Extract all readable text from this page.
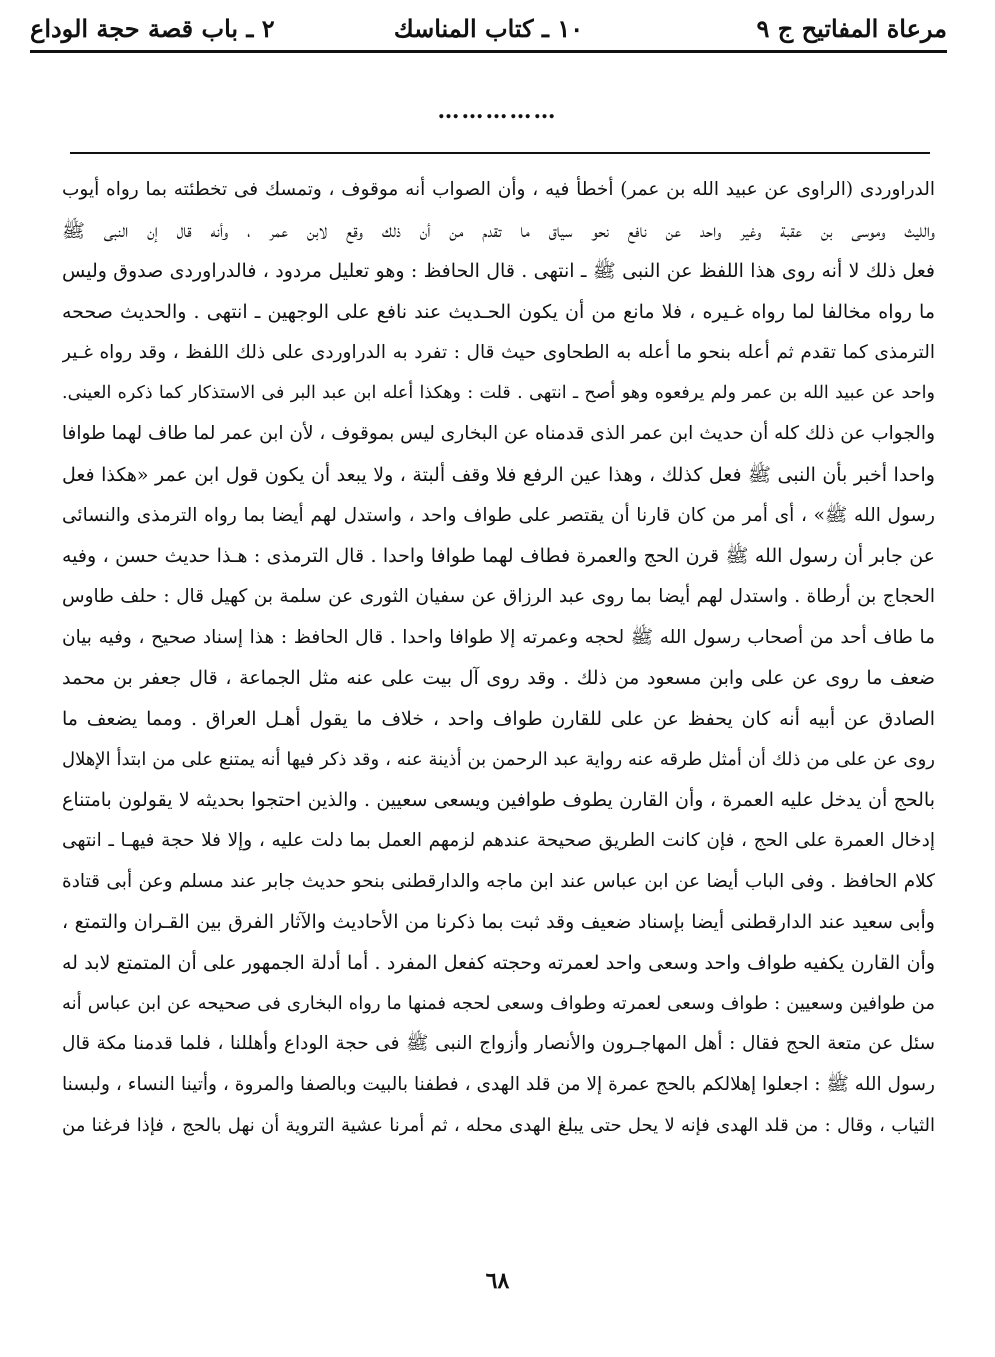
مرعاة المفاتيح ج ٩
١٠ ـ كتاب المناسك
٢ ـ باب قصة حجة الوداع
……………
الدراوردى (الراوى عن عبيد الله بن عمر) أخطأ فيه ، وأن الصواب أنه موقوف ، وتمسك فى تخطئته بما رواه أيوب
والليث وموسى بن عقبة وغير واحد عن نافع نحو سياق ما تقدم من أن ذلك وقع لابن عمر ، وأنه قال إن النبى ﷺ
فعل ذلك لا أنه روى هذا اللفظ عن النبى ﷺ ـ انتهى . قال الحافظ : وهو تعليل مردود ، فالدراوردى صدوق وليس
ما رواه مخالفا لما رواه غـيره ، فلا مانع من أن يكون الحـديث عند نافع على الوجهين ـ انتهى . والحديث صححه
الترمذى كما تقدم ثم أعله بنحو ما أعله به الطحاوى حيث قال : تفرد به الدراوردى على ذلك اللفظ ، وقد رواه غـير
واحد عن عبيد الله بن عمر ولم يرفعوه وهو أصح ـ انتهى . قلت : وهكذا أعله ابن عبد البر فى الاستذكار كما ذكره العينى.
والجواب عن ذلك كله أن حديث ابن عمر الذى قدمناه عن البخارى ليس بموقوف ، لأن ابن عمر لما طاف لهما طوافا
واحدا أخبر بأن النبى ﷺ فعل كذلك ، وهذا عين الرفع فلا وقف ألبتة ، ولا يبعد أن يكون قول ابن عمر «هكذا فعل
رسول الله ﷺ» ، أى أمر من كان قارنا أن يقتصر على طواف واحد ، واستدل لهم أيضا بما رواه الترمذى والنسائى
عن جابر أن رسول الله ﷺ قرن الحج والعمرة فطاف لهما طوافا واحدا . قال الترمذى : هـذا حديث حسن ، وفيه
الحجاج بن أرطاة . واستدل لهم أيضا بما روى عبد الرزاق عن سفيان الثورى عن سلمة بن كهيل قال : حلف طاوس
ما طاف أحد من أصحاب رسول الله ﷺ لحجه وعمرته إلا طوافا واحدا . قال الحافظ : هذا إسناد صحيح ، وفيه بيان
ضعف ما روى عن على وابن مسعود من ذلك . وقد روى آل بيت على عنه مثل الجماعة ، قال جعفر بن محمد
الصادق عن أبيه أنه كان يحفظ عن على للقارن طواف واحد ، خلاف ما يقول أهـل العراق . ومما يضعف ما
روى عن على من ذلك أن أمثل طرقه عنه رواية عبد الرحمن بن أذينة عنه ، وقد ذكر فيها أنه يمتنع على من ابتدأ الإهلال
بالحج أن يدخل عليه العمرة ، وأن القارن يطوف طوافين ويسعى سعيين . والذين احتجوا بحديثه لا يقولون بامتناع
إدخال العمرة على الحج ، فإن كانت الطريق صحيحة عندهم لزمهم العمل بما دلت عليه ، وإلا فلا حجة فيهـا ـ انتهى
كلام الحافظ . وفى الباب أيضا عن ابن عباس عند ابن ماجه والدارقطنى بنحو حديث جابر عند مسلم وعن أبى قتادة
وأبى سعيد عند الدارقطنى أيضا بإسناد ضعيف وقد ثبت بما ذكرنا من الأحاديث والآثار الفرق بين القـران والتمتع ،
وأن القارن يكفيه طواف واحد وسعى واحد لعمرته وحجته كفعل المفرد . أما أدلة الجمهور على أن المتمتع لابد له
من طوافين وسعيين : طواف وسعى لعمرته وطواف وسعى لحجه فمنها ما رواه البخارى فى صحيحه عن ابن عباس أنه
سئل عن متعة الحج فقال : أهل المهاجـرون والأنصار وأزواج النبى ﷺ فى حجة الوداع وأهللنا ، فلما قدمنا مكة قال
رسول الله ﷺ : اجعلوا إهلالكم بالحج عمرة إلا من قلد الهدى ، فطفنا بالبيت وبالصفا والمروة ، وأتينا النساء ، ولبسنا
الثياب ، وقال : من قلد الهدى فإنه لا يحل حتى يبلغ الهدى محله ، ثم أمرنا عشية التروية أن نهل بالحج ، فإذا فرغنا من
٦٨
